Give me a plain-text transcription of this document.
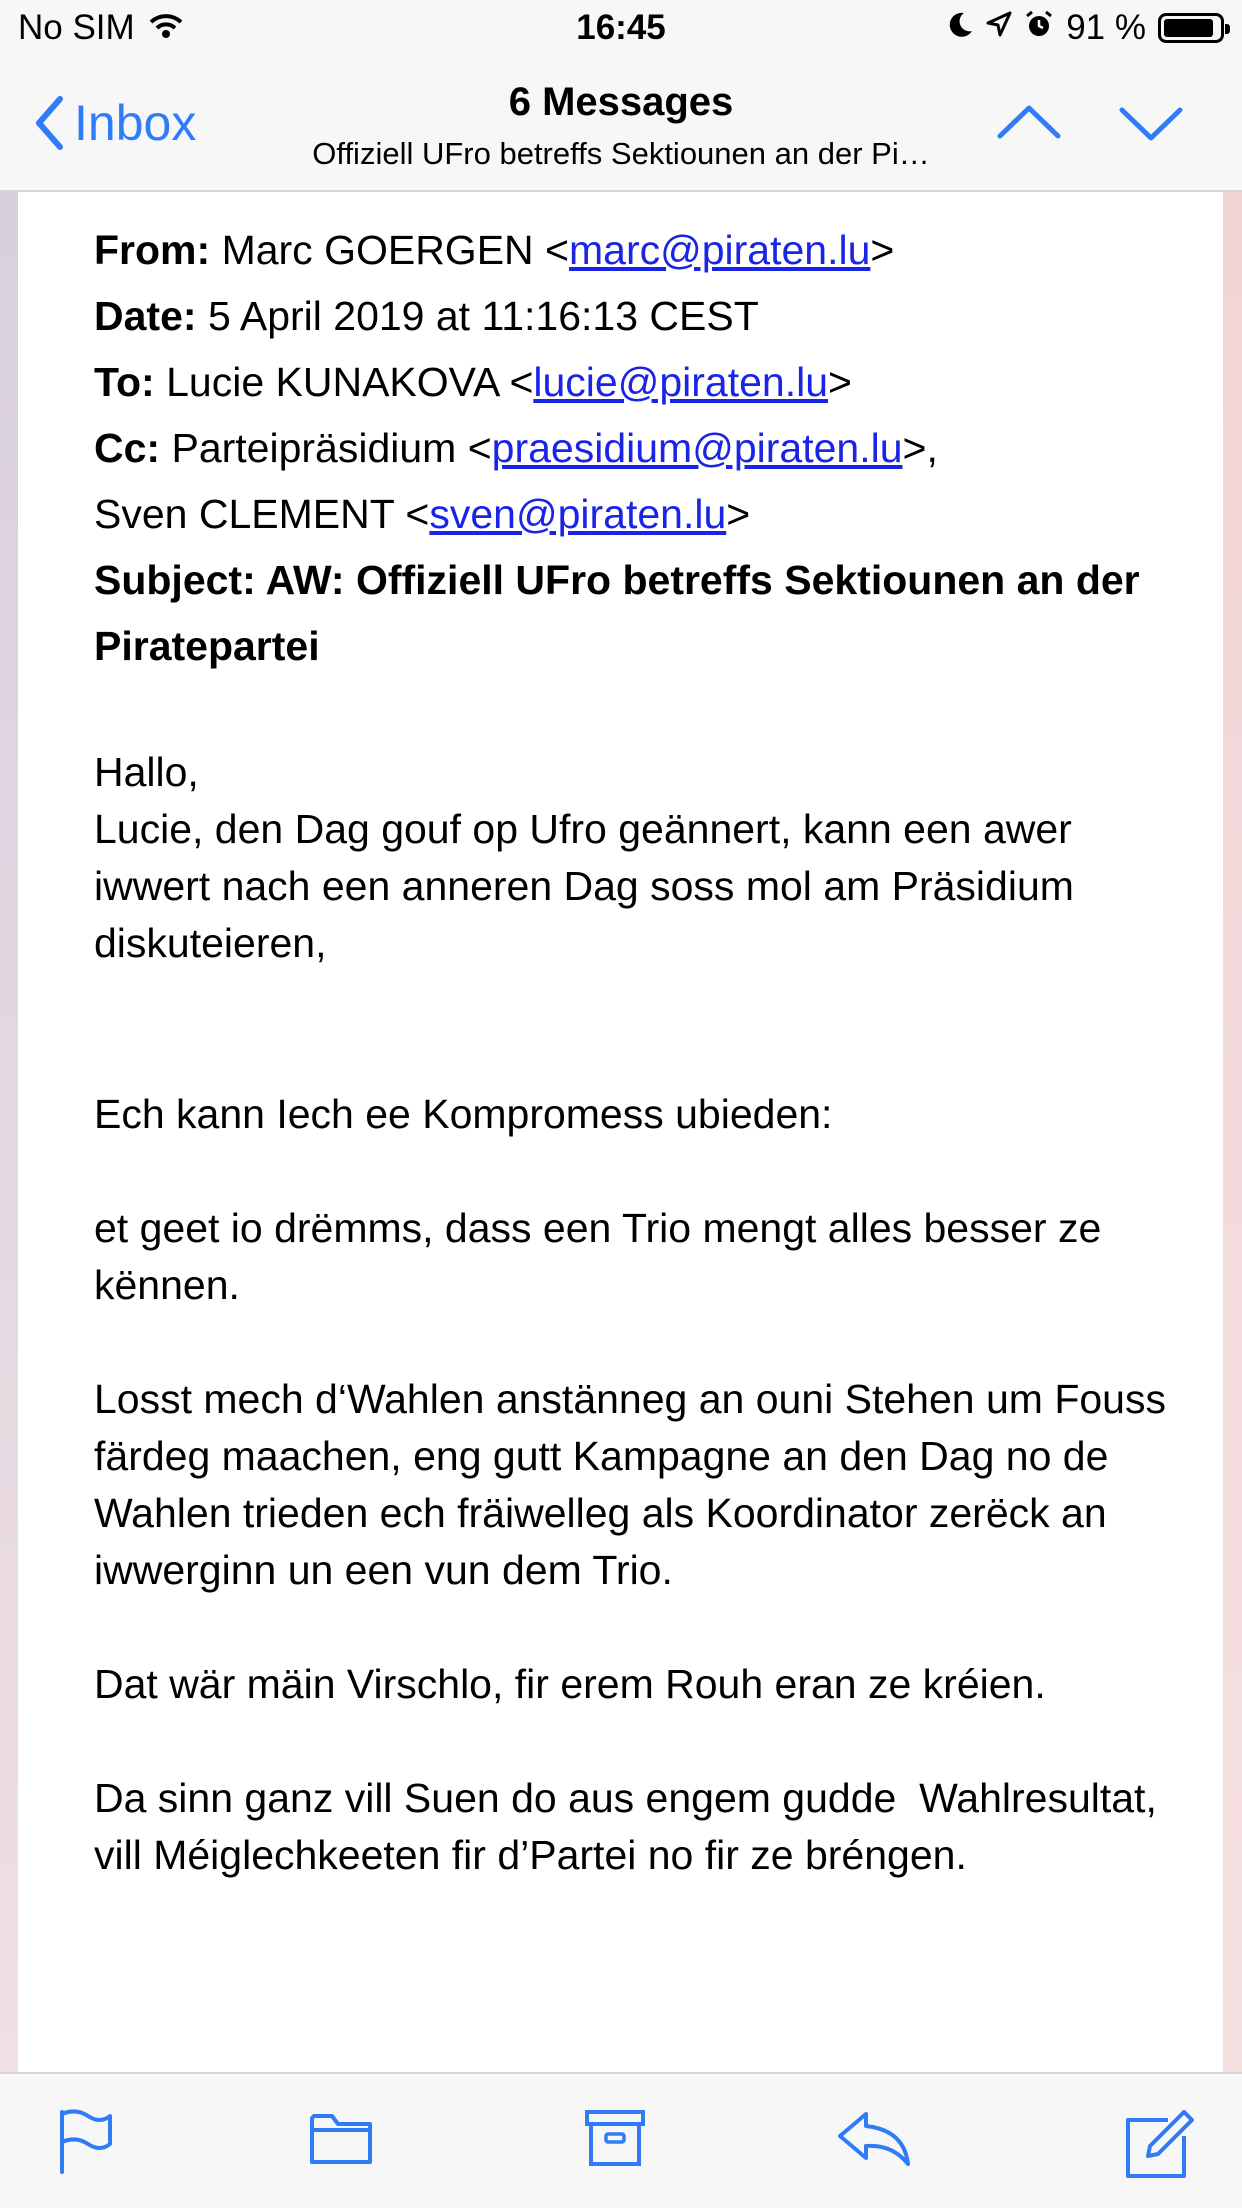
No SIM	16:45	91 %
Inbox	6 Messages
Offiziell UFro betreffs Sektiounen an der Pi…
From: Marc GOERGEN <marc@piraten.lu>
Date: 5 April 2019 at 11:16:13 CEST
To: Lucie KUNAKOVA <lucie@piraten.lu>
Cc: Parteipräsidium <praesidium@piraten.lu>,
Sven CLEMENT <sven@piraten.lu>
Subject: AW: Offiziell UFro betreffs Sektiounen an der Piratepartei

Hallo,

Lucie, den Dag gouf op Ufro geännert, kann een awer iwwert nach een anneren Dag soss mol am Präsidium diskuteieren,

Ech kann Iech ee Kompromess ubieden:

et geet io drëmms, dass een Trio mengt alles besser ze kënnen.

Losst mech d‘Wahlen anstänneg an ouni Stehen um Fouss färdeg maachen, eng gutt Kampagne an den Dag no de Wahlen trieden ech fräiwelleg als Koordinator zerëck an iwwerginn un een vun dem Trio.

Dat wär mäin Virschlo, fir erem Rouh eran ze kréien.

Da sinn ganz vill Suen do aus engem gudde  Wahlresultat, vill Méiglechkeeten fir d’Partei no fir ze bréngen.
